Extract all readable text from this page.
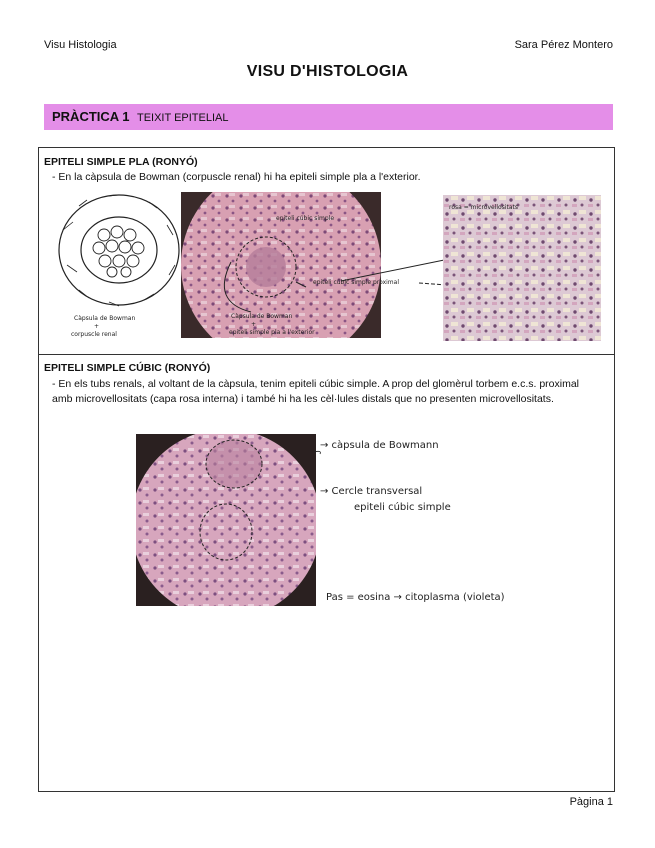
Visu Histologia	Sara Pérez Montero
VISU D'HISTOLOGIA
PRÀCTICA 1 TEIXIT EPITELIAL
EPITELI SIMPLE PLA (RONYÓ)
- En la càpsula de Bowman (corpuscle renal) hi ha epiteli simple pla a l'exterior.
Càpsula de Bowman
+
corpuscle renal
epiteli cúbic simple
Càpsula de Bowman
+
epiteli simple pla a l'exterior
epiteli cúbic simple proximal
rosa = microvellositats
EPITELI SIMPLE CÚBIC (RONYÓ)
- En els tubs renals, al voltant de la càpsula, tenim epiteli cúbic simple. A prop del glomèrul torbem e.c.s. proximal amb microvellositats (capa rosa interna) i també hi ha les cèl·lules distals que no presenten microvellositats.
→ càpsula de Bowmann
→ Cercle transversal
epiteli cúbic simple
Pas = eosina → citoplasma (violeta)
Pàgina 1
